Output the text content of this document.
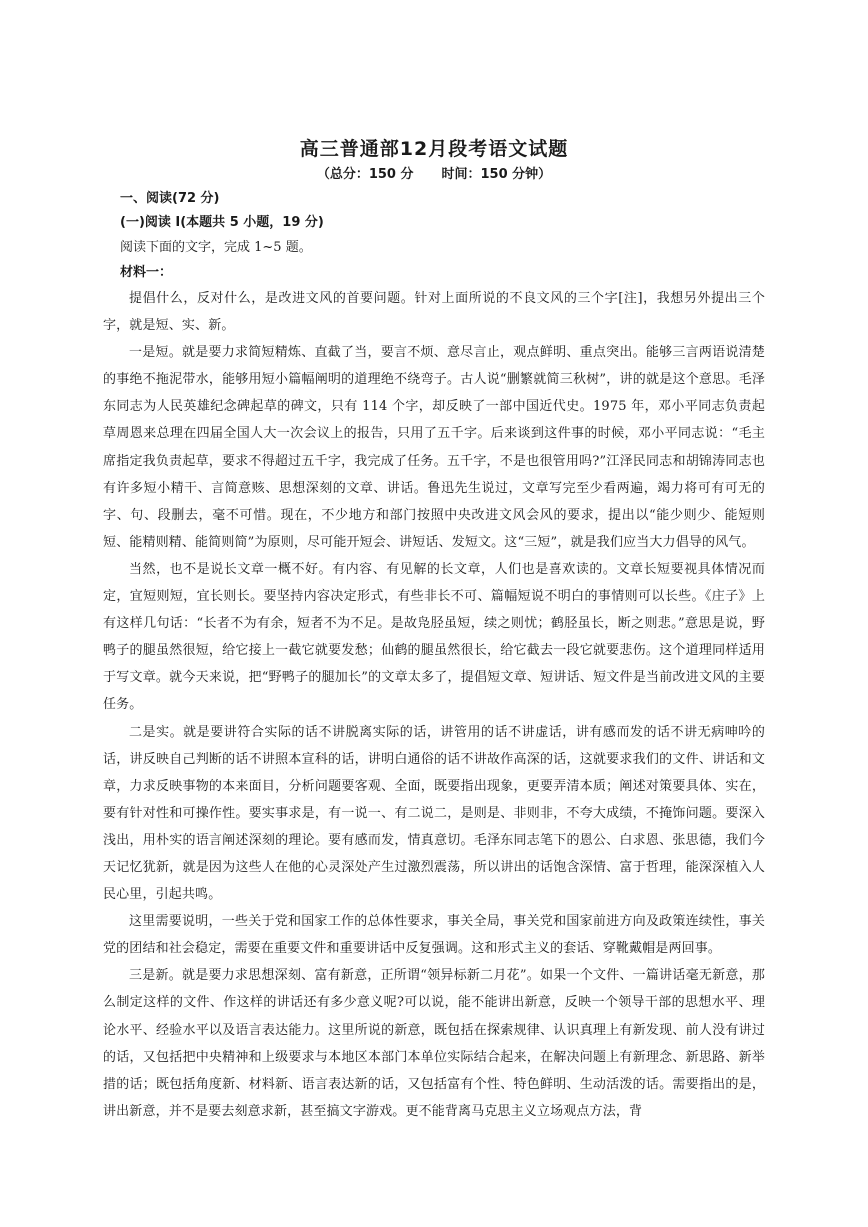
高三普通部12月段考语文试题
（总分：150 分 时间：150 分钟）

一、阅读(72 分)

(一)阅读 I(本题共 5 小题，19 分)

阅读下面的文字，完成 1~5 题。

材料一：

提倡什么，反对什么，是改进文风的首要问题。针对上面所说的不良文风的三个字[注]，我想另外提出三个字，就是短、实、新。

一是短。就是要力求简短精炼、直截了当，要言不烦、意尽言止，观点鲜明、重点突出。能够三言两语说清楚的事绝不拖泥带水，能够用短小篇幅阐明的道理绝不绕弯子。古人说“删繁就简三秋树”，讲的就是这个意思。毛泽东同志为人民英雄纪念碑起草的碑文，只有 114 个字，却反映了一部中国近代史。1975 年，邓小平同志负责起草周恩来总理在四届全国人大一次会议上的报告，只用了五千字。后来谈到这件事的时候，邓小平同志说：“毛主席指定我负责起草，要求不得超过五千字，我完成了任务。五千字，不是也很管用吗?”江泽民同志和胡锦涛同志也有许多短小精干、言简意赅、思想深刻的文章、讲话。鲁迅先生说过，文章写完至少看两遍，竭力将可有可无的字、句、段删去，毫不可惜。现在，不少地方和部门按照中央改进文风会风的要求，提出以“能少则少、能短则短、能精则精、能简则简”为原则，尽可能开短会、讲短话、发短文。这“三短”，就是我们应当大力倡导的风气。

当然，也不是说长文章一概不好。有内容、有见解的长文章，人们也是喜欢读的。文章长短要视具体情况而定，宜短则短，宜长则长。要坚持内容决定形式，有些非长不可、篇幅短说不明白的事情则可以长些。《庄子》上有这样几句话：“长者不为有余，短者不为不足。是故凫胫虽短，续之则忧；鹤胫虽长，断之则悲。”意思是说，野鸭子的腿虽然很短，给它接上一截它就要发愁；仙鹤的腿虽然很长，给它截去一段它就要悲伤。这个道理同样适用于写文章。就今天来说，把“野鸭子的腿加长”的文章太多了，提倡短文章、短讲话、短文件是当前改进文风的主要任务。

二是实。就是要讲符合实际的话不讲脱离实际的话，讲管用的话不讲虚话，讲有感而发的话不讲无病呻吟的话，讲反映自己判断的话不讲照本宣科的话，讲明白通俗的话不讲故作高深的话，这就要求我们的文件、讲话和文章，力求反映事物的本来面目，分析问题要客观、全面，既要指出现象，更要弄清本质；阐述对策要具体、实在，要有针对性和可操作性。要实事求是，有一说一、有二说二，是则是、非则非，不夸大成绩，不掩饰问题。要深入浅出，用朴实的语言阐述深刻的理论。要有感而发，情真意切。毛泽东同志笔下的恩公、白求恩、张思德，我们今天记忆犹新，就是因为这些人在他的心灵深处产生过激烈震荡，所以讲出的话饱含深情、富于哲理，能深深植入人民心里，引起共鸣。

这里需要说明，一些关于党和国家工作的总体性要求，事关全局，事关党和国家前进方向及政策连续性，事关党的团结和社会稳定，需要在重要文件和重要讲话中反复强调。这和形式主义的套话、穿靴戴帽是两回事。

三是新。就是要力求思想深刻、富有新意，正所谓“领异标新二月花”。如果一个文件、一篇讲话毫无新意，那么制定这样的文件、作这样的讲话还有多少意义呢?可以说，能不能讲出新意，反映一个领导干部的思想水平、理论水平、经验水平以及语言表达能力。这里所说的新意，既包括在探索规律、认识真理上有新发现、前人没有讲过的话，又包括把中央精神和上级要求与本地区本部门本单位实际结合起来，在解决问题上有新理念、新思路、新举措的话；既包括角度新、材料新、语言表达新的话，又包括富有个性、特色鲜明、生动活泼的话。需要指出的是，讲出新意，并不是要去刻意求新，甚至搞文字游戏。更不能背离马克思主义立场观点方法，背
